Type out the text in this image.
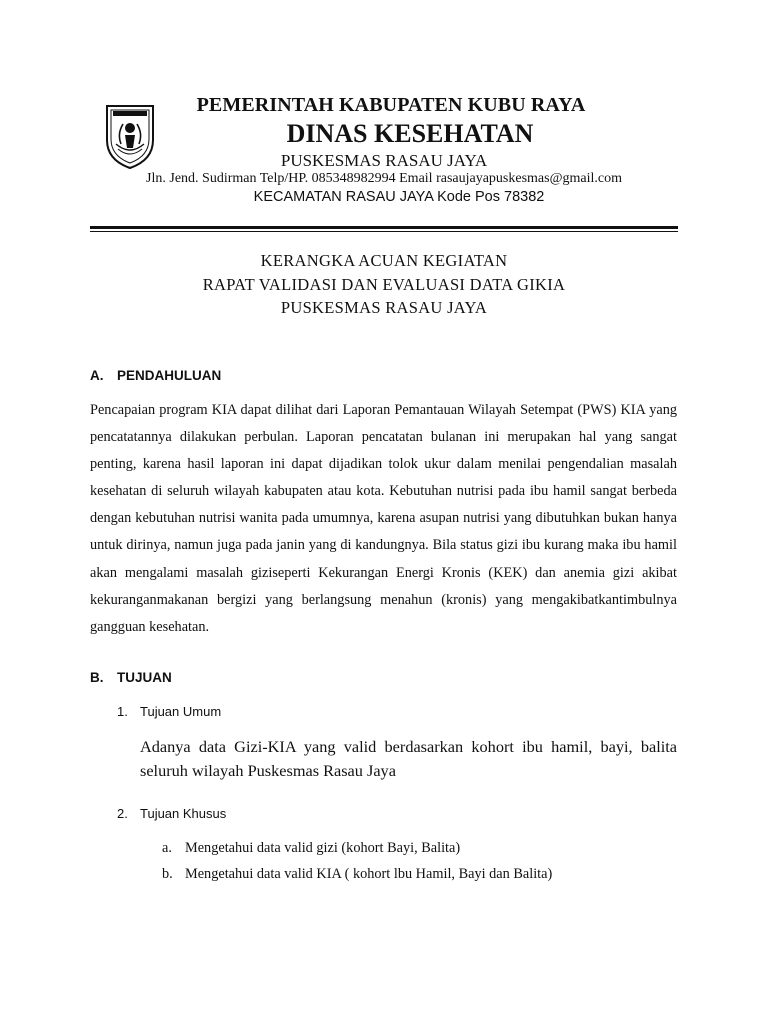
PEMERINTAH KABUPATEN KUBU RAYA
DINAS KESEHATAN
PUSKESMAS RASAU JAYA
Jln. Jend. Sudirman Telp/HP. 085348982994 Email rasaujayapuskesmas@gmail.com
KECAMATAN RASAU JAYA Kode Pos 78382
KERANGKA ACUAN KEGIATAN
RAPAT VALIDASI DAN EVALUASI DATA GIKIA
PUSKESMAS RASAU JAYA
A. PENDAHULUAN

Pencapaian program KIA dapat dilihat dari Laporan Pemantauan Wilayah Setempat (PWS) KIA yang pencatatannya dilakukan perbulan. Laporan pencatatan bulanan ini merupakan hal yang sangat penting, karena hasil laporan ini dapat dijadikan tolok ukur dalam menilai pengendalian masalah kesehatan di seluruh wilayah kabupaten atau kota. Kebutuhan nutrisi pada ibu hamil sangat berbeda dengan kebutuhan nutrisi wanita pada umumnya, karena asupan nutrisi yang dibutuhkan bukan hanya untuk dirinya, namun juga pada janin yang di kandungnya. Bila status gizi ibu kurang maka ibu hamil akan mengalami masalah giziseperti Kekurangan Energi Kronis (KEK) dan anemia gizi akibat kekuranganmakanan bergizi yang berlangsung menahun (kronis) yang mengakibatkantimbulnya gangguan kesehatan.

B. TUJUAN
1. Tujuan Umum
Adanya data Gizi-KIA yang valid berdasarkan kohort ibu hamil, bayi, balita seluruh wilayah Puskesmas Rasau Jaya
2. Tujuan Khusus
a. Mengetahui data valid gizi (kohort Bayi, Balita)
b. Mengetahui data valid KIA ( kohort lbu Hamil, Bayi dan Balita)
